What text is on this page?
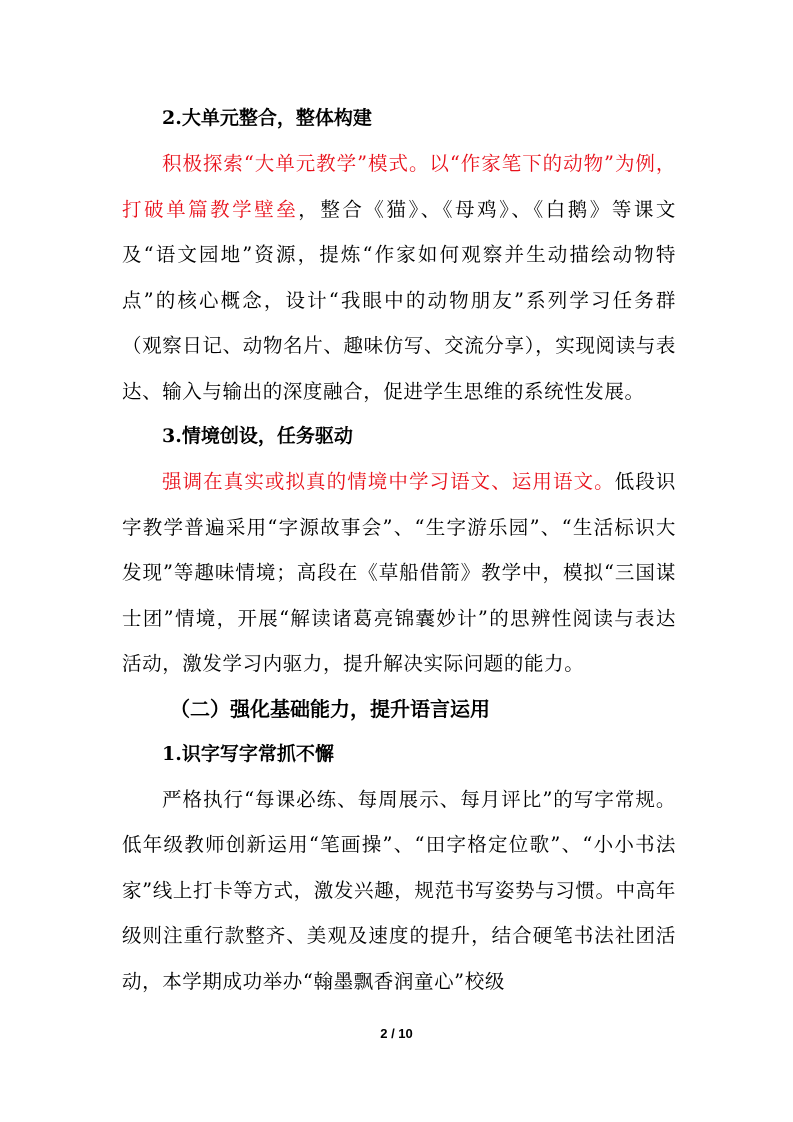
2.大单元整合，整体构建

积极探索“大单元教学”模式。以“作家笔下的动物”为例，打破单篇教学壁垒，整合《猫》、《母鸡》、《白鹅》等课文及“语文园地”资源，提炼“作家如何观察并生动描绘动物特点”的核心概念，设计“我眼中的动物朋友”系列学习任务群（观察日记、动物名片、趣味仿写、交流分享），实现阅读与表达、输入与输出的深度融合，促进学生思维的系统性发展。

3.情境创设，任务驱动

强调在真实或拟真的情境中学习语文、运用语文。低段识字教学普遍采用“字源故事会”、“生字游乐园”、“生活标识大发现”等趣味情境；高段在《草船借箭》教学中，模拟“三国谋士团”情境，开展“解读诸葛亮锦囊妙计”的思辨性阅读与表达活动，激发学习内驱力，提升解决实际问题的能力。

（二）强化基础能力，提升语言运用

1.识字写字常抓不懈

严格执行“每课必练、每周展示、每月评比”的写字常规。低年级教师创新运用“笔画操”、“田字格定位歌”、“小小书法家”线上打卡等方式，激发兴趣，规范书写姿势与习惯。中高年级则注重行款整齐、美观及速度的提升，结合硬笔书法社团活动，本学期成功举办“翰墨飘香润童心”校级

2 / 10
